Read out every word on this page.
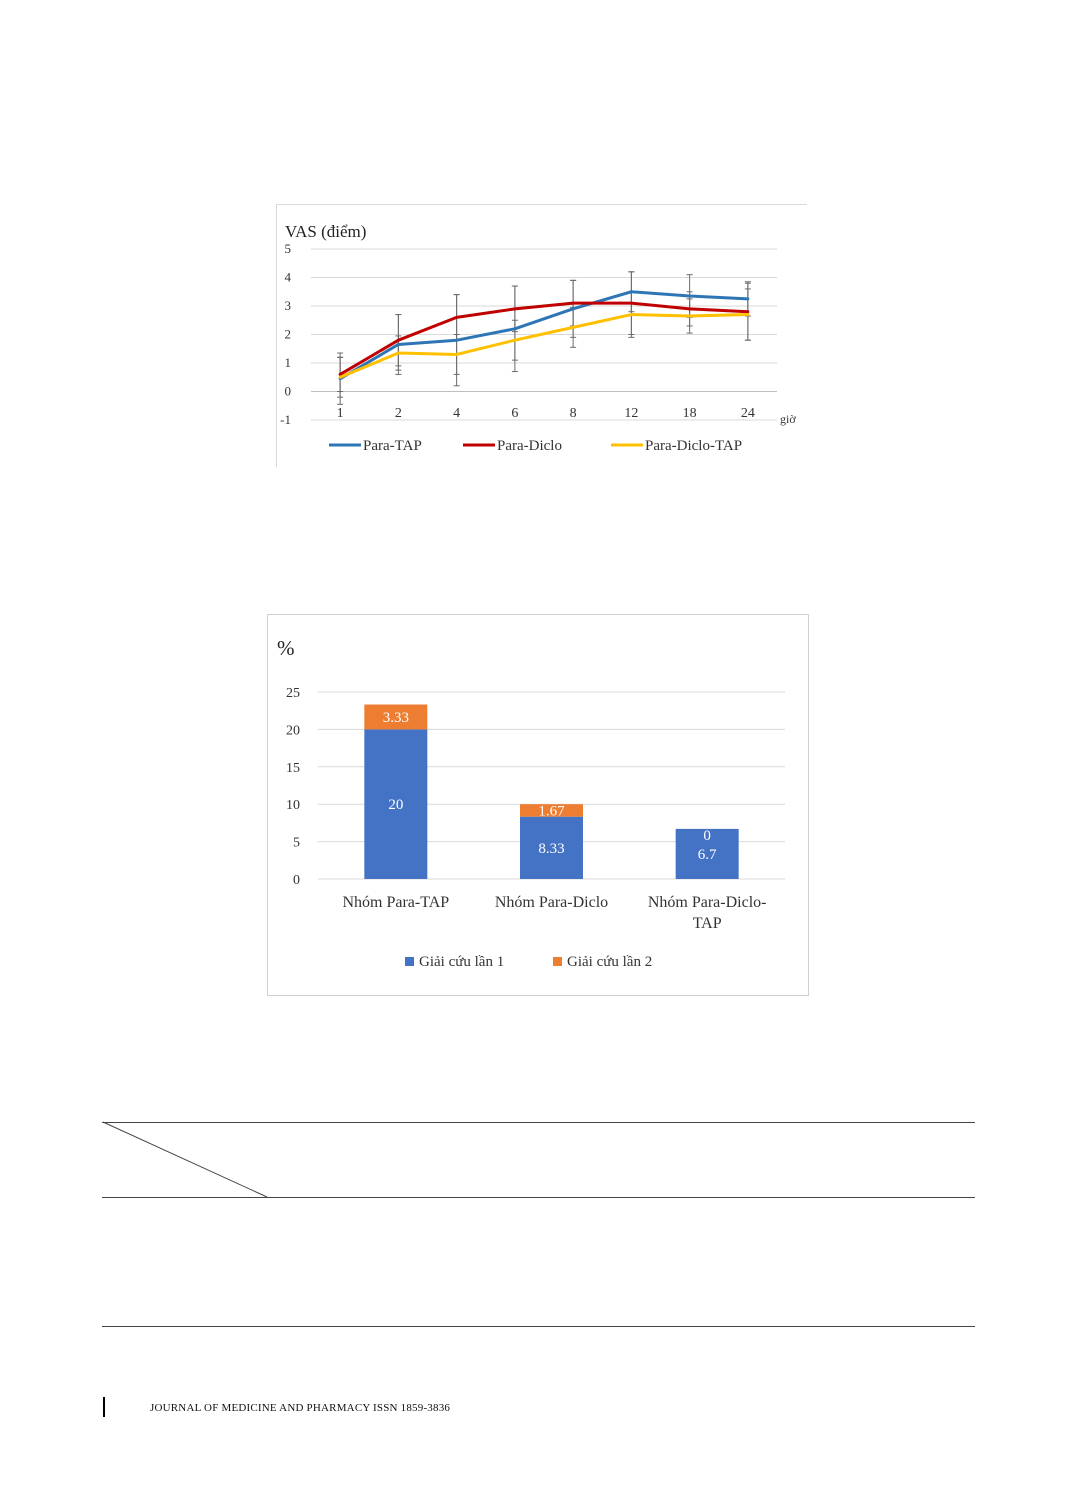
VAS (điểm)
-1
0
1
2
3
4
5
1	2	4	6	8	12	18	24 giờ
Para-TAP	Para-Diclo	Para-Diclo-TAP
%
0
5
10
15
20
25
3.33
20	1.67
8.33
0
6.7
Nhóm Para-TAP	Nhóm Para-Diclo Nhóm Para-Diclo-
TAP
Giải cứu lần 1	Giải cứu lần 2
JOURNAL OF MEDICINE AND PHARMACY ISSN 1859-3836
